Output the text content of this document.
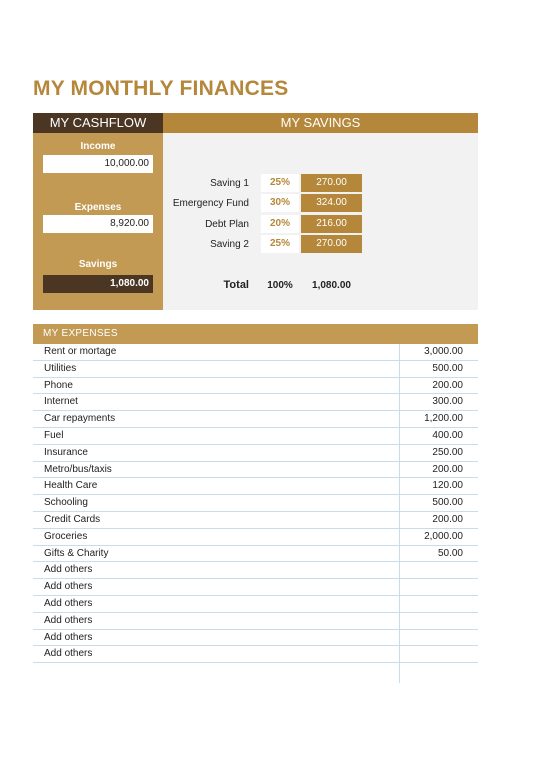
MY MONTHLY FINANCES
MY CASHFLOW	MY SAVINGS
Income
10,000.00
Expenses
8,920.00
Savings
1,080.00
Saving 1	25%	270.00
Emergency Fund	30%	324.00
Debt Plan	20%	216.00
Saving 2	25%	270.00
Total	100%	1,080.00
MY EXPENSES
Rent or mortage	3,000.00
Utilities	500.00
Phone	200.00
Internet	300.00
Car repayments	1,200.00
Fuel	400.00
Insurance	250.00
Metro/bus/taxis	200.00
Health Care	120.00
Schooling	500.00
Credit Cards	200.00
Groceries	2,000.00
Gifts & Charity	50.00
Add others
Add others
Add others
Add others
Add others
Add others
